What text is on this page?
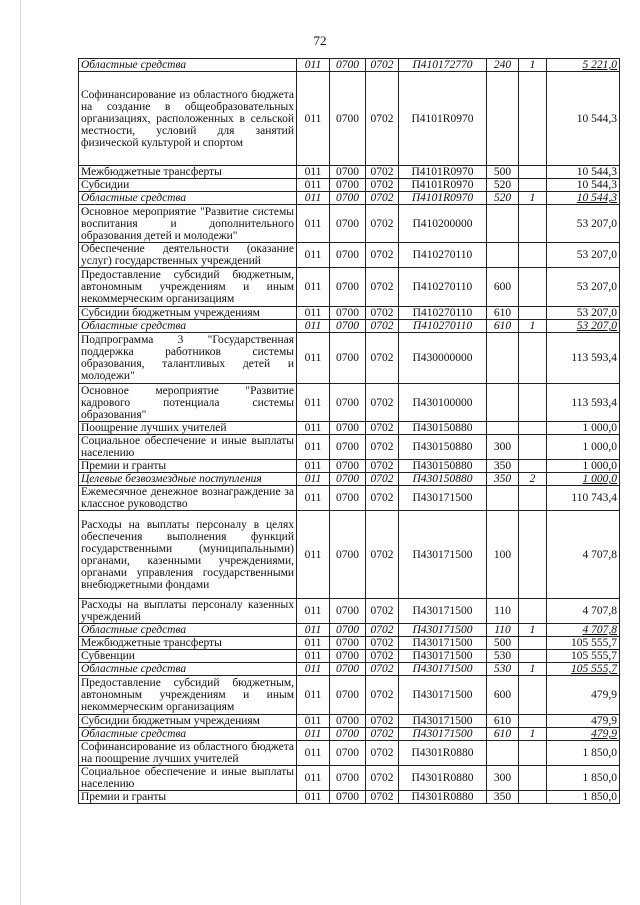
72
Областные средства	011	0700	0702	П410172770	240	1	5 221,0
Софинансирование из областного бюджета на создание в общеобразовательных организациях, расположенных в сельской местности, условий для занятий физической культурой и спортом	011	0700	0702	П4101R0970			10 544,3
Межбюджетные трансферты	011	0700	0702	П4101R0970	500		10 544,3
Субсидии	011	0700	0702	П4101R0970	520		10 544,3
Областные средства	011	0700	0702	П4101R0970	520	1	10 544,3
Основное мероприятие "Развитие системы воспитания и дополнительного образования детей и молодежи"	011	0700	0702	П410200000			53 207,0
Обеспечение деятельности (оказание услуг) государственных учреждений	011	0700	0702	П410270110			53 207,0
Предоставление субсидий бюджетным, автономным учреждениям и иным некоммерческим организациям	011	0700	0702	П410270110	600		53 207,0
Субсидии бюджетным учреждениям	011	0700	0702	П410270110	610		53 207,0
Областные средства	011	0700	0702	П410270110	610	1	53 207,0
Подпрограмма 3 "Государственная поддержка работников системы образования, талантливых детей и молодежи"	011	0700	0702	П430000000			113 593,4
Основное мероприятие "Развитие кадрового потенциала системы образования"	011	0700	0702	П430100000			113 593,4
Поощрение лучших учителей	011	0700	0702	П430150880			1 000,0
Социальное обеспечение и иные выплаты населению	011	0700	0702	П430150880	300		1 000,0
Премии и гранты	011	0700	0702	П430150880	350		1 000,0
Целевые безвозмездные поступления	011	0700	0702	П430150880	350	2	1 000,0
Ежемесячное денежное вознаграждение за классное руководство	011	0700	0702	П430171500			110 743,4
Расходы на выплаты персоналу в целях обеспечения выполнения функций государственными (муниципальными) органами, казенными учреждениями, органами управления государственными внебюджетными фондами	011	0700	0702	П430171500	100		4 707,8
Расходы на выплаты персоналу казенных учреждений	011	0700	0702	П430171500	110		4 707,8
Областные средства	011	0700	0702	П430171500	110	1	4 707,8
Межбюджетные трансферты	011	0700	0702	П430171500	500		105 555,7
Субвенции	011	0700	0702	П430171500	530		105 555,7
Областные средства	011	0700	0702	П430171500	530	1	105 555,7
Предоставление субсидий бюджетным, автономным учреждениям и иным некоммерческим организациям	011	0700	0702	П430171500	600		479,9
Субсидии бюджетным учреждениям	011	0700	0702	П430171500	610		479,9
Областные средства	011	0700	0702	П430171500	610	1	479,9
Софинансирование из областного бюджета на поощрение лучших учителей	011	0700	0702	П4301R0880			1 850,0
Социальное обеспечение и иные выплаты населению	011	0700	0702	П4301R0880	300		1 850,0
Премии и гранты	011	0700	0702	П4301R0880	350		1 850,0
